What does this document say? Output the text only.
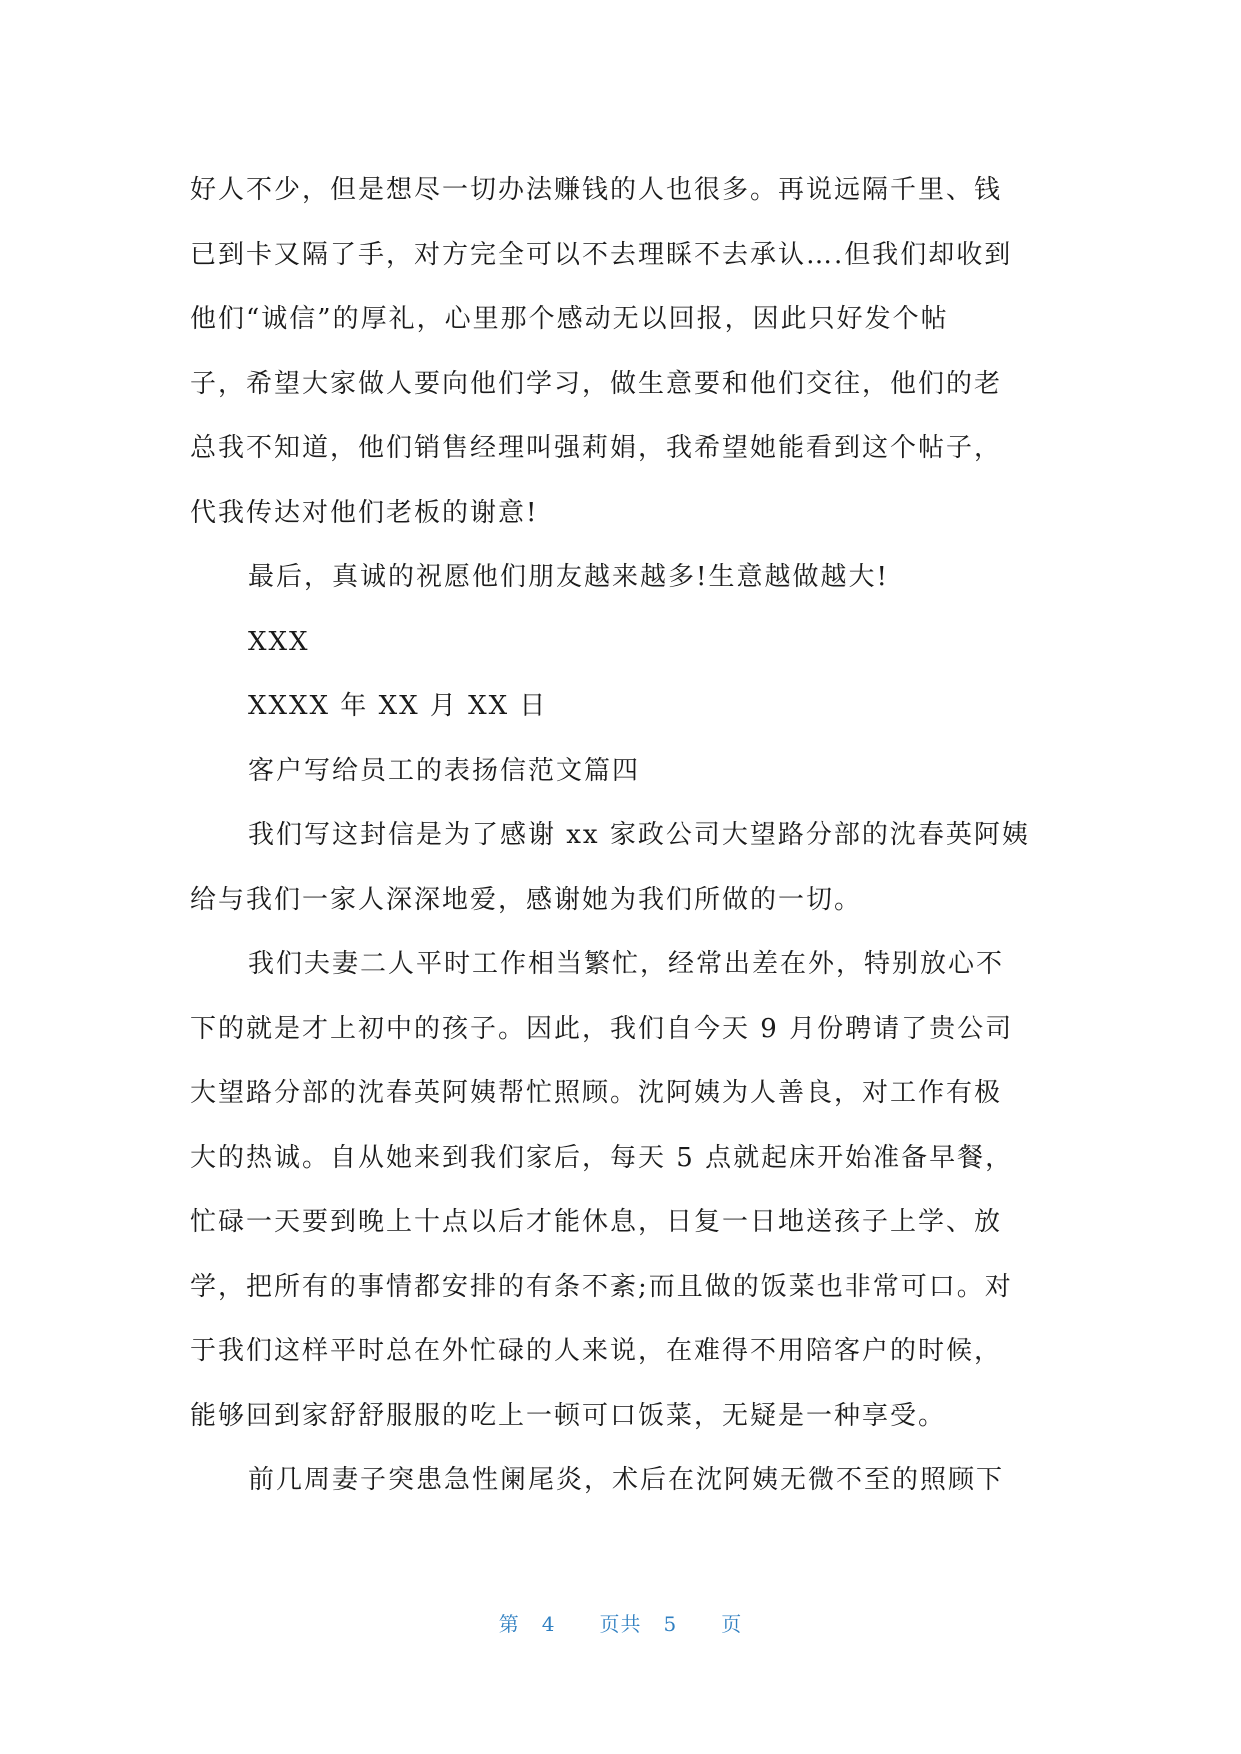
好人不少，但是想尽一切办法赚钱的人也很多。再说远隔千里、钱
已到卡又隔了手，对方完全可以不去理睬不去承认….但我们却收到
他们“诚信”的厚礼，心里那个感动无以回报，因此只好发个帖
子，希望大家做人要向他们学习，做生意要和他们交往，他们的老
总我不知道，他们销售经理叫强莉娟，我希望她能看到这个帖子，
代我传达对他们老板的谢意!
最后，真诚的祝愿他们朋友越来越多!生意越做越大!
XXX
XXXX 年 XX 月 XX 日
客户写给员工的表扬信范文篇四
我们写这封信是为了感谢 xx 家政公司大望路分部的沈春英阿姨
给与我们一家人深深地爱，感谢她为我们所做的一切。
我们夫妻二人平时工作相当繁忙，经常出差在外，特别放心不
下的就是才上初中的孩子。因此，我们自今天 9 月份聘请了贵公司
大望路分部的沈春英阿姨帮忙照顾。沈阿姨为人善良，对工作有极
大的热诚。自从她来到我们家后，每天 5 点就起床开始准备早餐，
忙碌一天要到晚上十点以后才能休息，日复一日地送孩子上学、放
学，把所有的事情都安排的有条不紊;而且做的饭菜也非常可口。对
于我们这样平时总在外忙碌的人来说，在难得不用陪客户的时候，
能够回到家舒舒服服的吃上一顿可口饭菜，无疑是一种享受。
前几周妻子突患急性阑尾炎，术后在沈阿姨无微不至的照顾下
第 4 页共 5 页
